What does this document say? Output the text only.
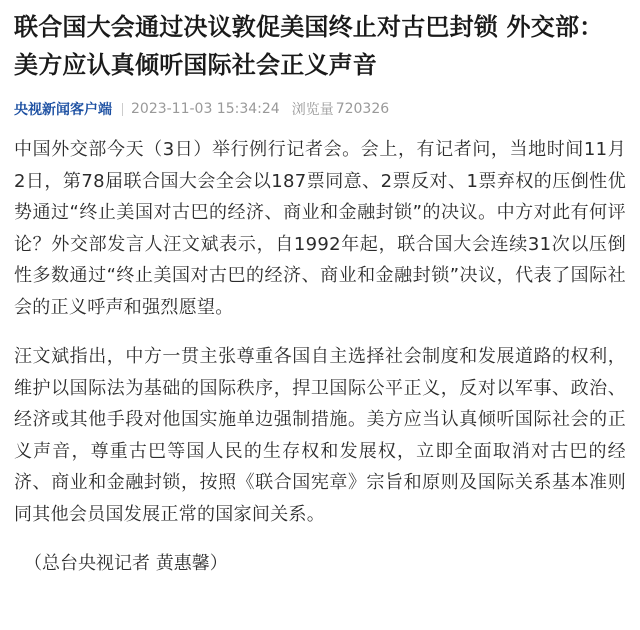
联合国大会通过决议敦促美国终止对古巴封锁 外交部：美方应认真倾听国际社会正义声音
央视新闻客户端 2023-11-03 15:34:24 浏览量 720326

中国外交部今天（3日）举行例行记者会。会上，有记者问，当地时间11月2日，第78届联合国大会全会以187票同意、2票反对、1票弃权的压倒性优势通过“终止美国对古巴的经济、商业和金融封锁”的决议。中方对此有何评论？外交部发言人汪文斌表示，自1992年起，联合国大会连续31次以压倒性多数通过“终止美国对古巴的经济、商业和金融封锁”决议，代表了国际社会的正义呼声和强烈愿望。

汪文斌指出，中方一贯主张尊重各国自主选择社会制度和发展道路的权利，维护以国际法为基础的国际秩序，捍卫国际公平正义，反对以军事、政治、经济或其他手段对他国实施单边强制措施。美方应当认真倾听国际社会的正义声音，尊重古巴等国人民的生存权和发展权，立即全面取消对古巴的经济、商业和金融封锁，按照《联合国宪章》宗旨和原则及国际关系基本准则同其他会员国发展正常的国家间关系。

（总台央视记者 黄惠馨）
